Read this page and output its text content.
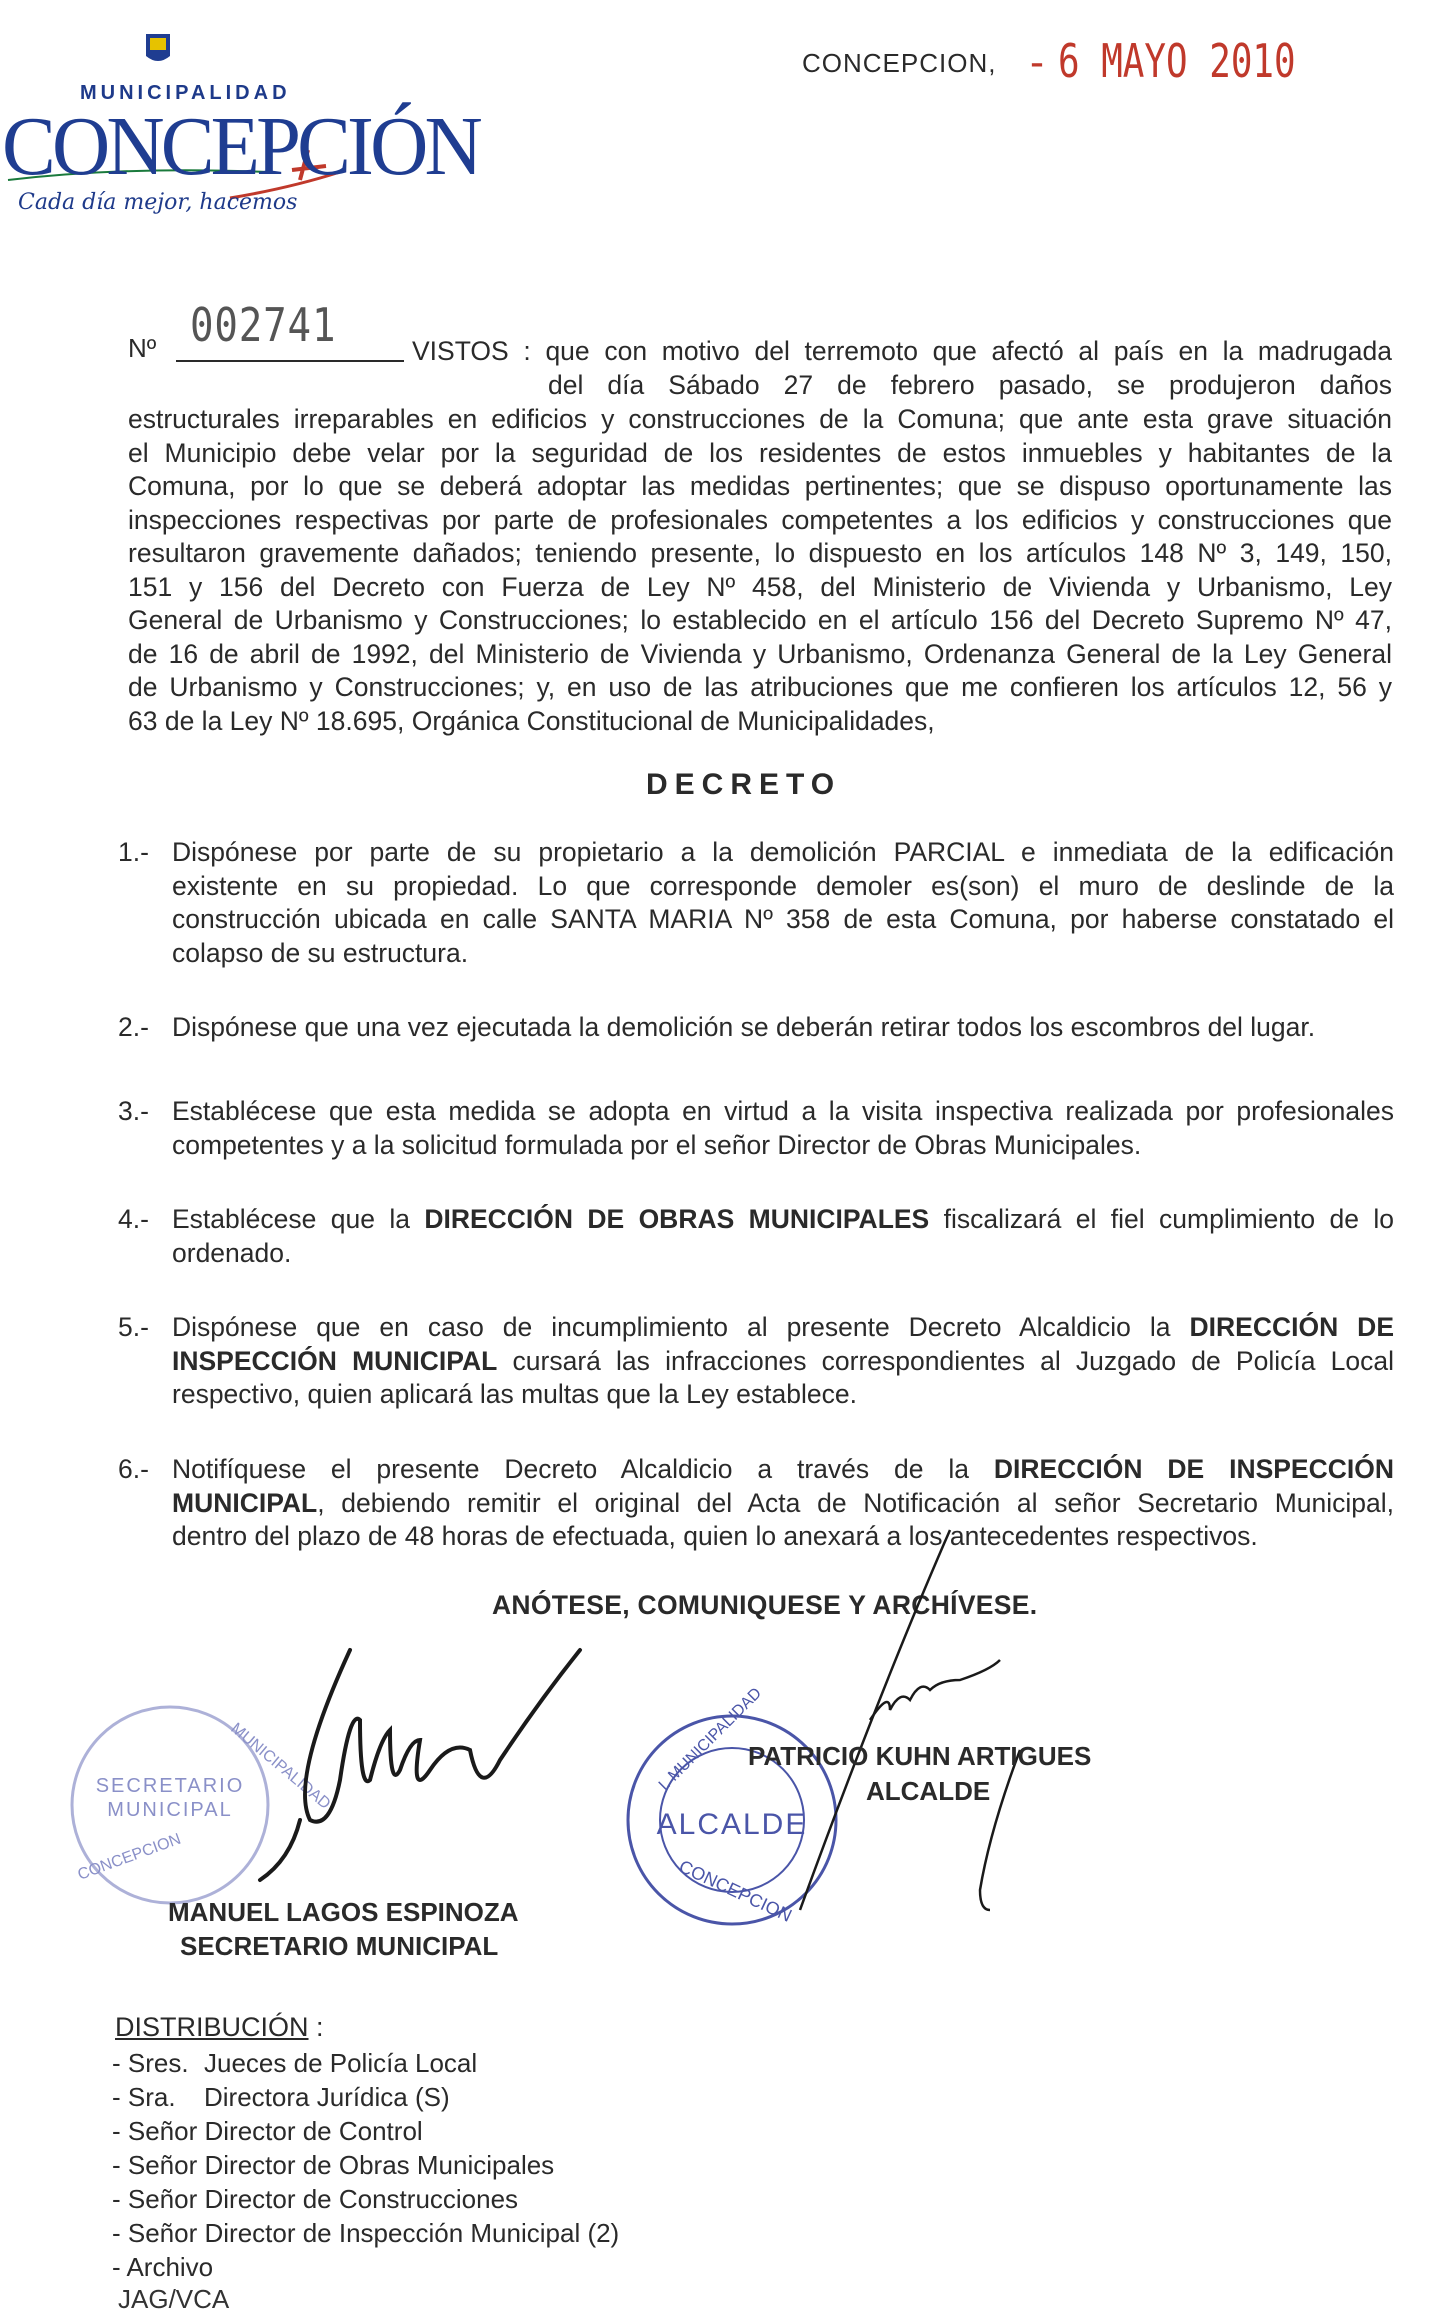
MUNICIPALIDAD
CONCEPCIÓN
Cada día mejor, hacemos
CONCEPCION, - 6 MAYO 2010
Nº 002741	VISTOS : que con motivo del terremoto que afectó al país en la madrugada
del día Sábado 27 de febrero pasado, se produjeron daños
estructurales irreparables en edificios y construcciones de la Comuna; que ante esta grave situación
el Municipio debe velar por la seguridad de los residentes de estos inmuebles y habitantes de la
Comuna, por lo que se deberá adoptar las medidas pertinentes; que se dispuso oportunamente las
inspecciones respectivas por parte de profesionales competentes a los edificios y construcciones que
resultaron gravemente dañados; teniendo presente, lo dispuesto en los artículos 148 Nº 3, 149, 150,
151 y 156 del Decreto con Fuerza de Ley Nº 458, del Ministerio de Vivienda y Urbanismo, Ley
General de Urbanismo y Construcciones; lo establecido en el artículo 156 del Decreto Supremo Nº 47,
de 16 de abril de 1992, del Ministerio de Vivienda y Urbanismo, Ordenanza General de la Ley General
de Urbanismo y Construcciones; y, en uso de las atribuciones que me confieren los artículos 12, 56 y
63 de la Ley Nº 18.695, Orgánica Constitucional de Municipalidades,
DECRETO
1.- Dispónese por parte de su propietario a la demolición PARCIAL e inmediata de la edificación
existente en su propiedad. Lo que corresponde demoler es(son) el muro de deslinde de la
construcción ubicada en calle SANTA MARIA Nº 358 de esta Comuna, por haberse constatado el
colapso de su estructura.
2.- Dispónese que una vez ejecutada la demolición se deberán retirar todos los escombros del lugar.
3.- Establécese que esta medida se adopta en virtud a la visita inspectiva realizada por profesionales
competentes y a la solicitud formulada por el señor Director de Obras Municipales.
4.- Establécese que la DIRECCIÓN DE OBRAS MUNICIPALES fiscalizará el fiel cumplimiento de lo
ordenado.
5.- Dispónese que en caso de incumplimiento al presente Decreto Alcaldicio la DIRECCIÓN DE
INSPECCIÓN MUNICIPAL cursará las infracciones correspondientes al Juzgado de Policía Local
respectivo, quien aplicará las multas que la Ley establece.
6.- Notifíquese el presente Decreto Alcaldicio a través de la DIRECCIÓN DE INSPECCIÓN
MUNICIPAL, debiendo remitir el original del Acta de Notificación al señor Secretario Municipal,
dentro del plazo de 48 horas de efectuada, quien lo anexará a los antecedentes respectivos.
ANÓTESE, COMUNIQUESE Y ARCHÍVESE.
SECRETARIO
MUNICIPAL
MUNICIPALIDAD
CONCEPCION
ALCALDE
I. MUNICIPALIDAD
CONCEPCION
PATRICIO KUHN ARTIGUES
ALCALDE
MANUEL LAGOS ESPINOZA
SECRETARIO MUNICIPAL
DISTRIBUCIÓN :
- Sres. Jueces de Policía Local
- Sra. Directora Jurídica (S)
- Señor Director de Control
- Señor Director de Obras Municipales
- Señor Director de Construcciones
- Señor Director de Inspección Municipal (2)
- Archivo
JAG/VCA
